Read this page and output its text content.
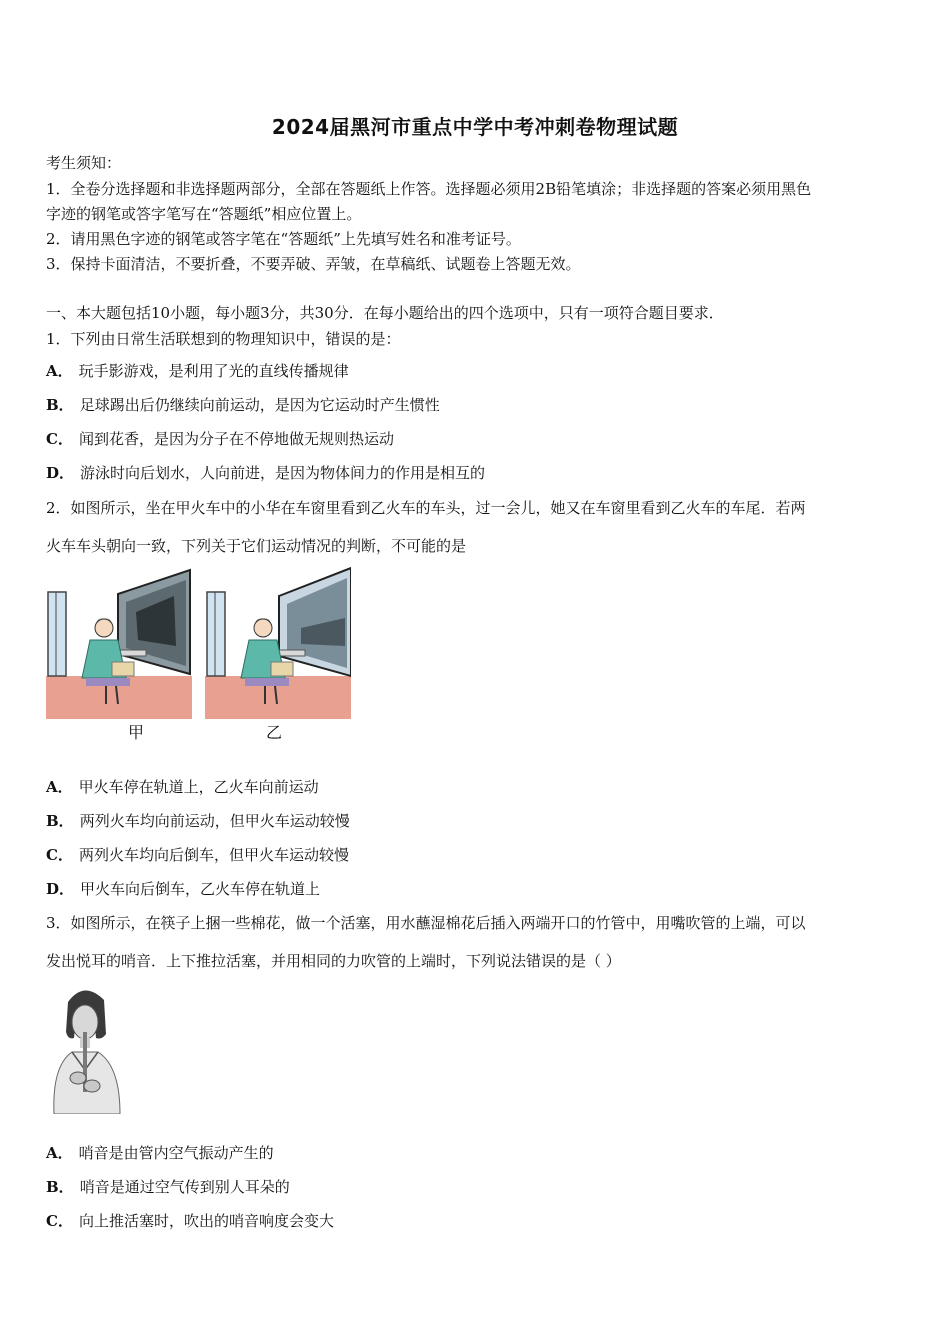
2024届黑河市重点中学中考冲刺卷物理试题
考生须知：
1．全卷分选择题和非选择题两部分，全部在答题纸上作答。选择题必须用2B铅笔填涂；非选择题的答案必须用黑色
字迹的钢笔或答字笔写在“答题纸”相应位置上。
2．请用黑色字迹的钢笔或答字笔在“答题纸”上先填写姓名和准考证号。
3．保持卡面清洁，不要折叠，不要弄破、弄皱，在草稿纸、试题卷上答题无效。
一、本大题包括10小题，每小题3分，共30分．在每小题给出的四个选项中，只有一项符合题目要求．
1．下列由日常生活联想到的物理知识中，错误的是：
A． 玩手影游戏，是利用了光的直线传播规律
B． 足球踢出后仍继续向前运动，是因为它运动时产生惯性
C． 闻到花香，是因为分子在不停地做无规则热运动
D． 游泳时向后划水，人向前进，是因为物体间力的作用是相互的
2．如图所示，坐在甲火车中的小华在车窗里看到乙火车的车头，过一会儿，她又在车窗里看到乙火车的车尾．若两
火车车头朝向一致，下列关于它们运动情况的判断，不可能的是
甲	乙
A． 甲火车停在轨道上，乙火车向前运动
B． 两列火车均向前运动，但甲火车运动较慢
C． 两列火车均向后倒车，但甲火车运动较慢
D． 甲火车向后倒车，乙火车停在轨道上
3．如图所示，在筷子上捆一些棉花，做一个活塞，用水蘸湿棉花后插入两端开口的竹管中，用嘴吹管的上端，可以
发出悦耳的哨音．上下推拉活塞，并用相同的力吹管的上端时，下列说法错误的是（ ）
A． 哨音是由管内空气振动产生的
B． 哨音是通过空气传到别人耳朵的
C． 向上推活塞时，吹出的哨音响度会变大
